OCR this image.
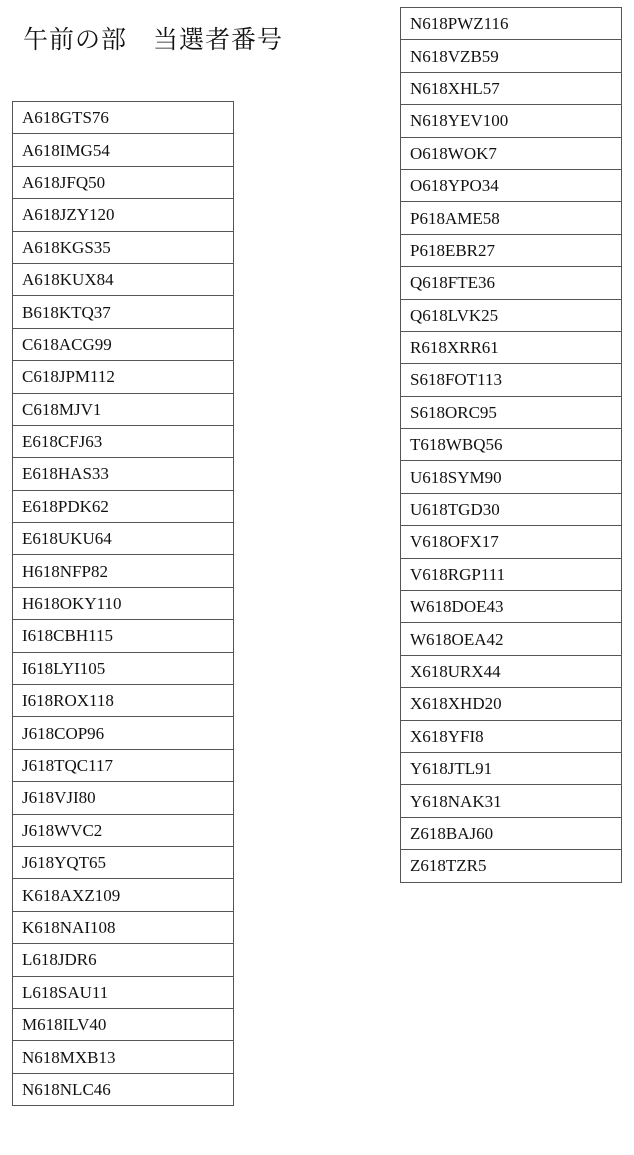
午前の部　当選者番号
A618GTS76
A618IMG54
A618JFQ50
A618JZY120
A618KGS35
A618KUX84
B618KTQ37
C618ACG99
C618JPM112
C618MJV1
E618CFJ63
E618HAS33
E618PDK62
E618UKU64
H618NFP82
H618OKY110
I618CBH115
I618LYI105
I618ROX118
J618COP96
J618TQC117
J618VJI80
J618WVC2
J618YQT65
K618AXZ109
K618NAI108
L618JDR6
L618SAU11
M618ILV40
N618MXB13
N618NLC46
N618PWZ116
N618VZB59
N618XHL57
N618YEV100
O618WOK7
O618YPO34
P618AME58
P618EBR27
Q618FTE36
Q618LVK25
R618XRR61
S618FOT113
S618ORC95
T618WBQ56
U618SYM90
U618TGD30
V618OFX17
V618RGP111
W618DOE43
W618OEA42
X618URX44
X618XHD20
X618YFI8
Y618JTL91
Y618NAK31
Z618BAJ60
Z618TZR5
